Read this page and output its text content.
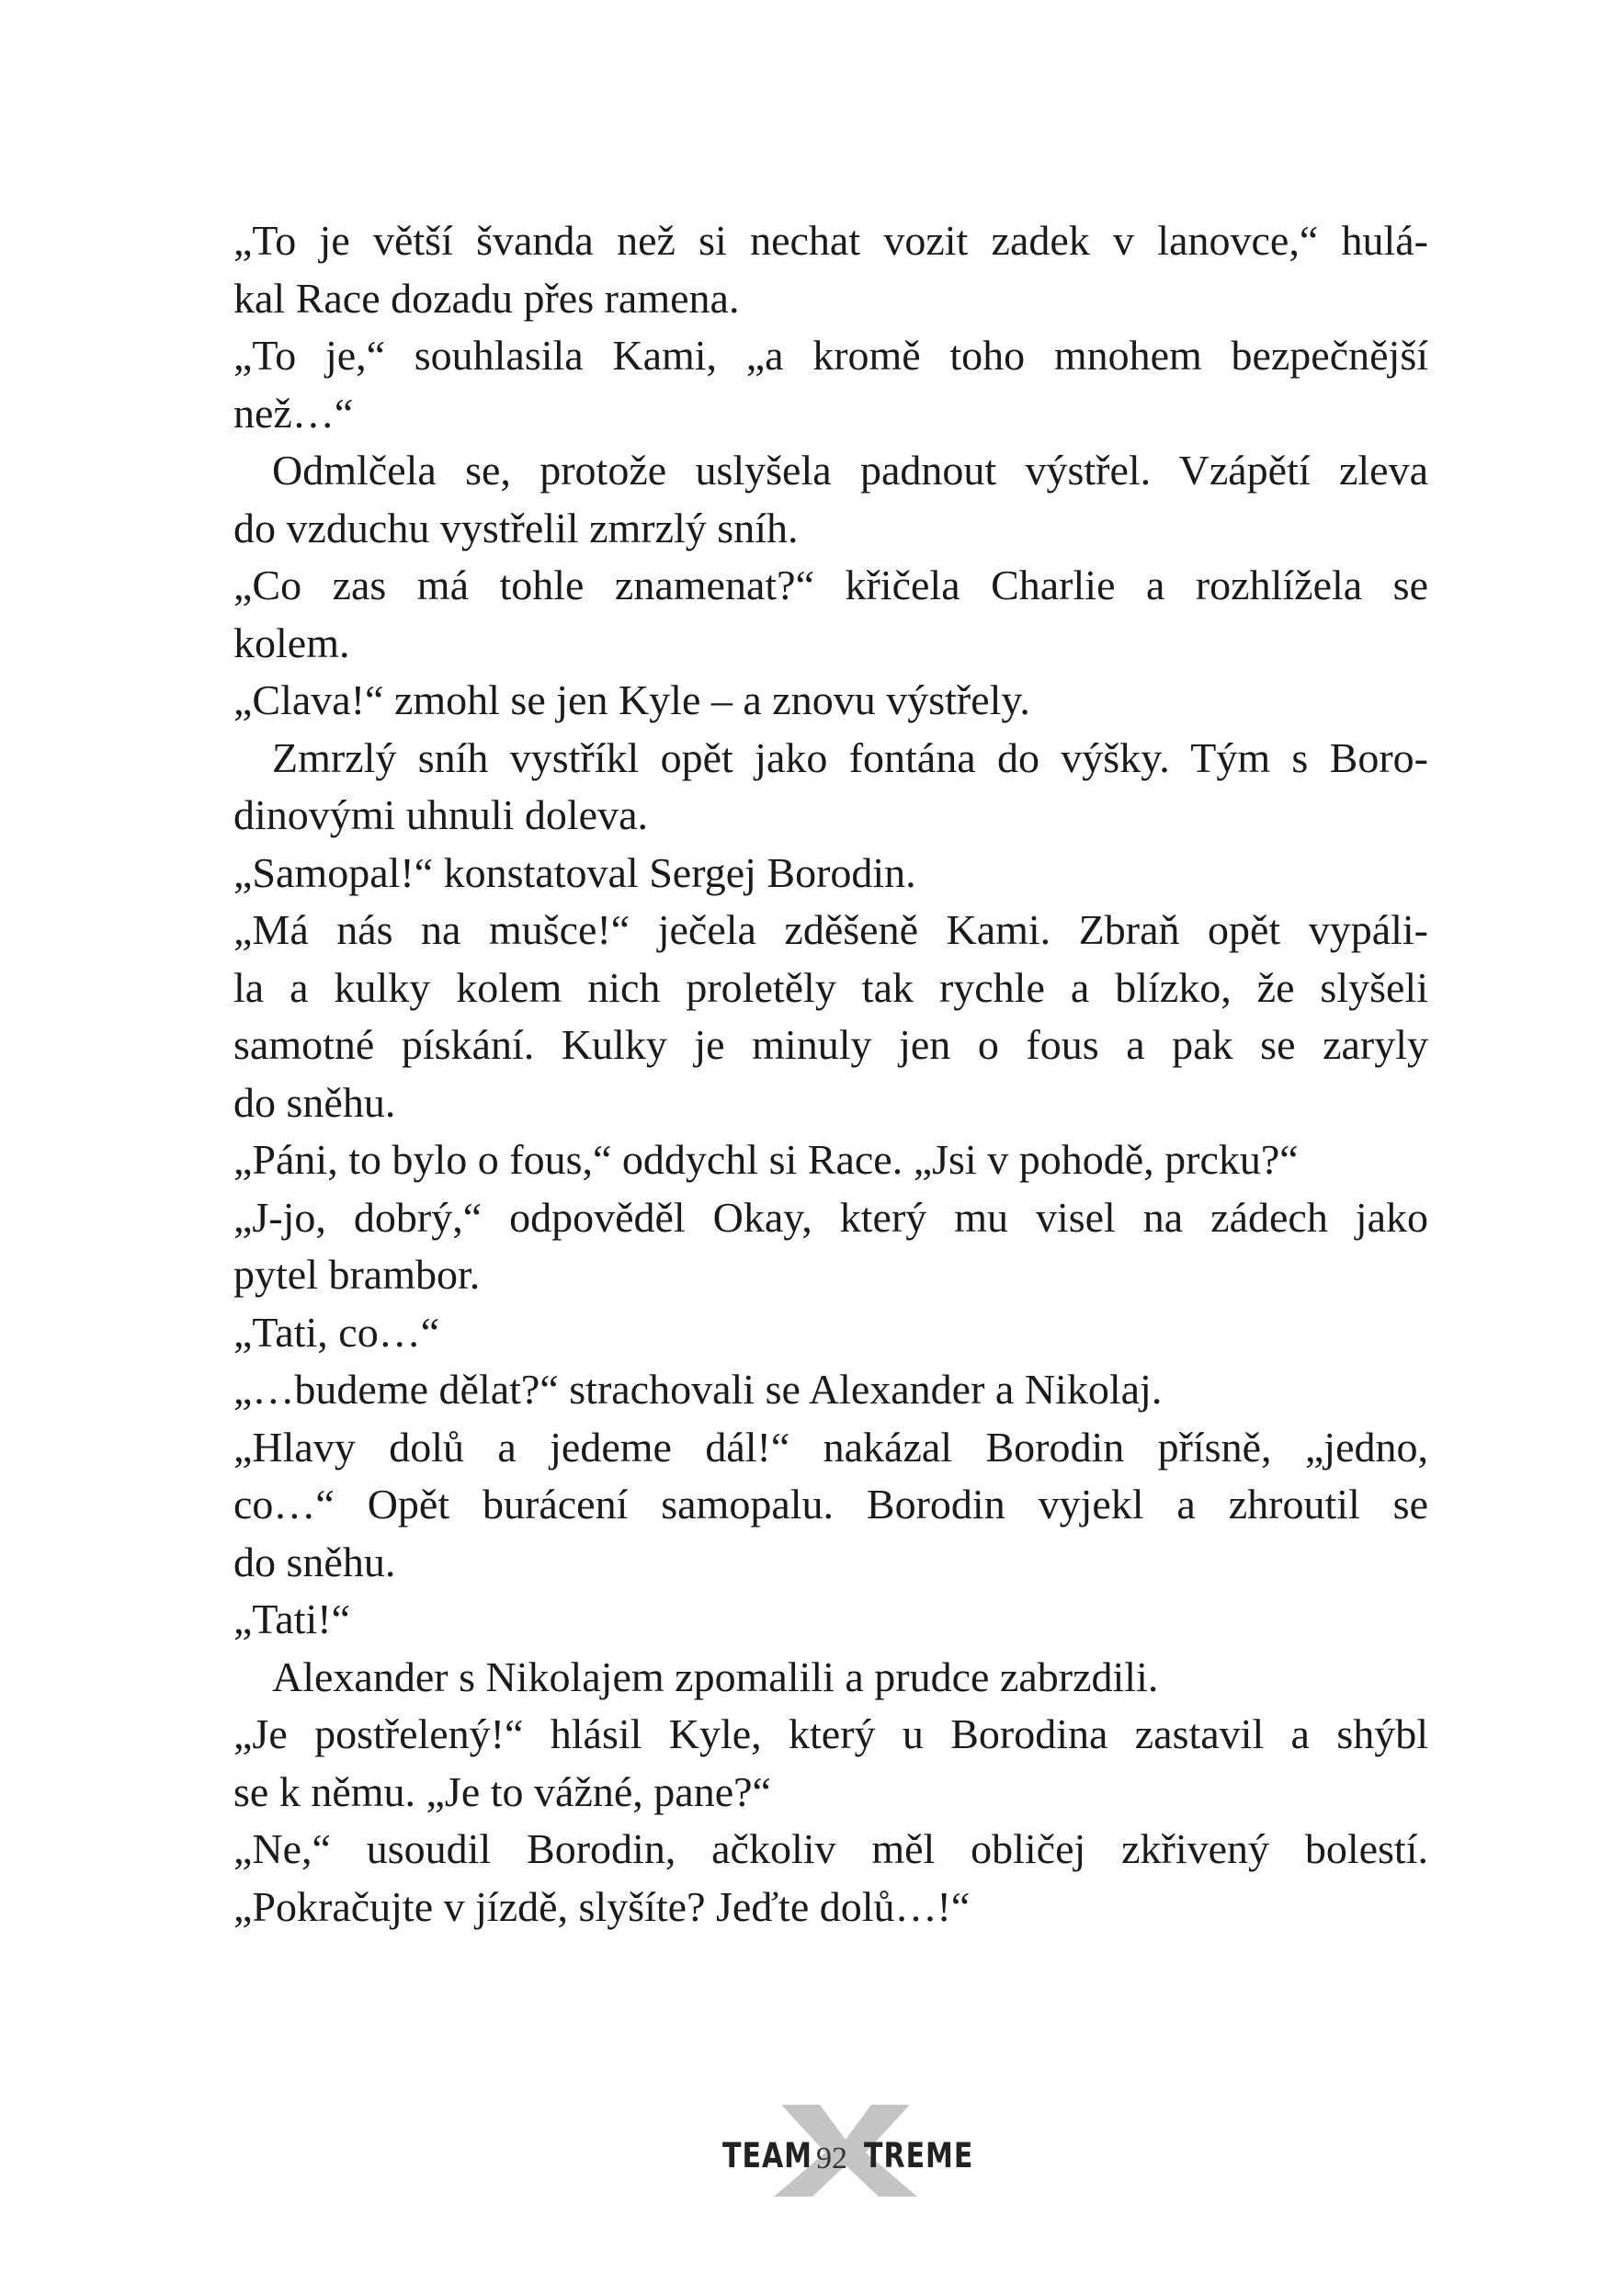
„To je větší švanda než si nechat vozit zadek v lanovce,“ hulá-
kal Race dozadu přes ramena.
„To je,“ souhlasila Kami, „a kromě toho mnohem bezpečnější
než…“
Odmlčela se, protože uslyšela padnout výstřel. Vzápětí zleva
do vzduchu vystřelil zmrzlý sníh.
„Co zas má tohle znamenat?“ křičela Charlie a rozhlížela se
kolem.
„Clava!“ zmohl se jen Kyle – a znovu výstřely.
Zmrzlý sníh vystříkl opět jako fontána do výšky. Tým s Boro-
dinovými uhnuli doleva.
„Samopal!“ konstatoval Sergej Borodin.
„Má nás na mušce!“ ječela zděšeně Kami. Zbraň opět vypáli-
la a kulky kolem nich proletěly tak rychle a blízko, že slyšeli
samotné pískání. Kulky je minuly jen o fous a pak se zaryly
do sněhu.
„Páni, to bylo o fous,“ oddychl si Race. „Jsi v pohodě, prcku?“
„J-jo, dobrý,“ odpověděl Okay, který mu visel na zádech jako
pytel brambor.
„Tati, co…“
„…budeme dělat?“ strachovali se Alexander a Nikolaj.
„Hlavy dolů a jedeme dál!“ nakázal Borodin přísně, „jedno,
co…“ Opět burácení samopalu. Borodin vyjekl a zhroutil se
do sněhu.
„Tati!“
Alexander s Nikolajem zpomalili a prudce zabrzdili.
„Je postřelený!“ hlásil Kyle, který u Borodina zastavil a shýbl
se k němu. „Je to vážné, pane?“
„Ne,“ usoudil Borodin, ačkoliv měl obličej zkřivený bolestí.
„Pokračujte v jízdě, slyšíte? Jeďte dolů…!“
TEAM 92 TREME
